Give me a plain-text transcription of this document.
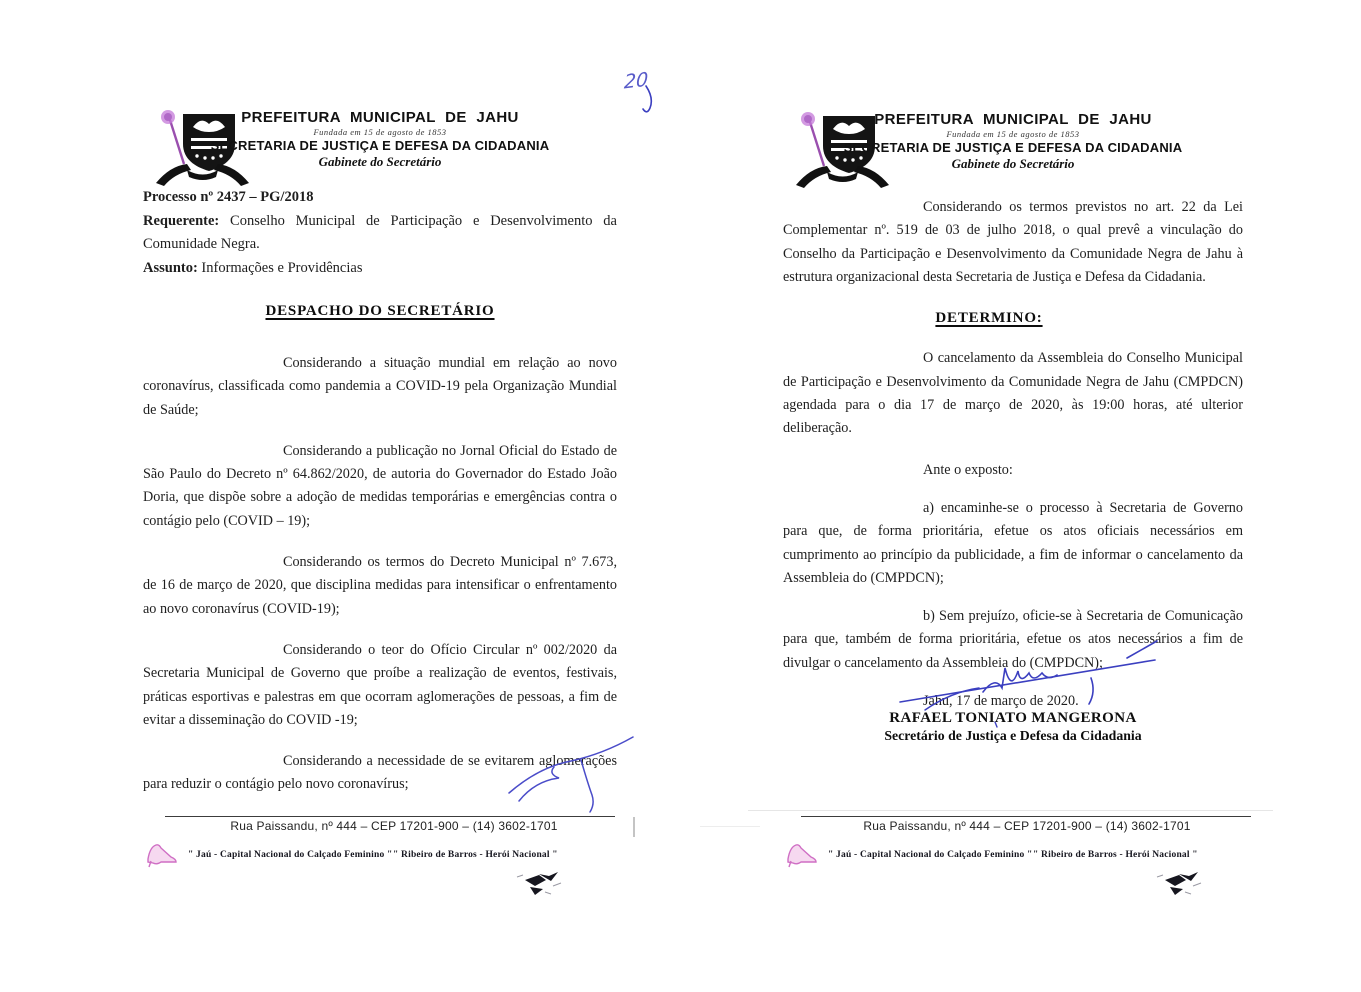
20
PREFEITURA MUNICIPAL DE JAHU
Fundada em 15 de agosto de 1853
SECRETARIA DE JUSTIÇA E DEFESA DA CIDADANIA
Gabinete do Secretário

Processo nº 2437 – PG/2018

Requerente: Conselho Municipal de Participação e Desenvolvimento da Comunidade Negra.

Assunto: Informações e Providências

DESPACHO DO SECRETÁRIO

Considerando a situação mundial em relação ao novo coronavírus, classificada como pandemia a COVID-19 pela Organização Mundial de Saúde;

Considerando a publicação no Jornal Oficial do Estado de São Paulo do Decreto nº 64.862/2020, de autoria do Governador do Estado João Doria, que dispõe sobre a adoção de medidas temporárias e emergências contra o contágio pelo (COVID – 19);

Considerando os termos do Decreto Municipal nº 7.673, de 16 de março de 2020, que disciplina medidas para intensificar o enfrentamento ao novo coronavírus (COVID-19);

Considerando o teor do Ofício Circular nº 002/2020 da Secretaria Municipal de Governo que proíbe a realização de eventos, festivais, práticas esportivas e palestras em que ocorram aglomerações de pessoas, a fim de evitar a disseminação do COVID -19;

Considerando a necessidade de se evitarem aglomerações para reduzir o contágio pelo novo coronavírus;

Rua Paissandu, nº 444 – CEP 17201-900 – (14) 3602-1701
" Jaú - Capital Nacional do Calçado Feminino " " Ribeiro de Barros - Herói Nacional "
PREFEITURA MUNICIPAL DE JAHU
Fundada em 15 de agosto de 1853
SECRETARIA DE JUSTIÇA E DEFESA DA CIDADANIA
Gabinete do Secretário

Considerando os termos previstos no art. 22 da Lei Complementar nº. 519 de 03 de julho 2018, o qual prevê a vinculação do Conselho da Participação e Desenvolvimento da Comunidade Negra de Jahu à estrutura organizacional desta Secretaria de Justiça e Defesa da Cidadania.

DETERMINO:

O cancelamento da Assembleia do Conselho Municipal de Participação e Desenvolvimento da Comunidade Negra de Jahu (CMPDCN) agendada para o dia 17 de março de 2020, às 19:00 horas, até ulterior deliberação.

Ante o exposto:

a) encaminhe-se o processo à Secretaria de Governo para que, de forma prioritária, efetue os atos oficiais necessários em cumprimento ao princípio da publicidade, a fim de informar o cancelamento da Assembleia do (CMPDCN);

b) Sem prejuízo, oficie-se à Secretaria de Comunicação para que, também de forma prioritária, efetue os atos necessários a fim de divulgar o cancelamento da Assembleia do (CMPDCN);

Jahu, 17 de março de 2020.

RAFAEL TONIATO MANGERONA
Secretário de Justiça e Defesa da Cidadania
Rua Paissandu, nº 444 – CEP 17201-900 – (14) 3602-1701
" Jaú - Capital Nacional do Calçado Feminino " " Ribeiro de Barros - Herói Nacional "
